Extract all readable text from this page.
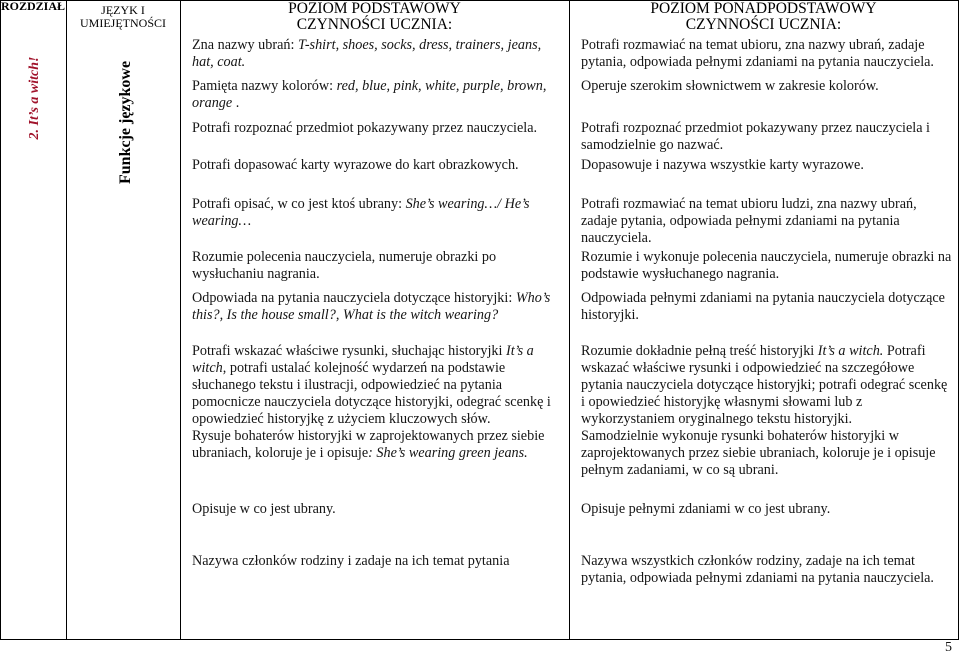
ROZDZIAŁ	JĘZYK I
UMIEJĘTNOŚCI
POZIOM PODSTAWOWY
CZYNNOŚCI UCZNIA:
POZIOM PONADPODSTAWOWY
CZYNNOŚCI UCZNIA:
2. It’s a witch!	Funkcje językowe
Zna nazwy ubrań: T-shirt, shoes, socks, dress, trainers, jeans, hat, coat.
Pamięta nazwy kolorów: red, blue, pink, white, purple, brown, orange .
Potrafi rozpoznać przedmiot pokazywany przez nauczyciela.
Potrafi dopasować karty wyrazowe do kart obrazkowych.
Potrafi opisać, w co jest ktoś ubrany: She’s wearing…/ He’s wearing…
Rozumie polecenia nauczyciela, numeruje obrazki po wysłuchaniu nagrania.
Odpowiada na pytania nauczyciela dotyczące historyjki: Who’s this?, Is the house small?, What is the witch wearing?
Potrafi wskazać właściwe rysunki, słuchając historyjki It’s a witch, potrafi ustalać kolejność wydarzeń na podstawie słuchanego tekstu i ilustracji, odpowiedzieć na pytania pomocnicze nauczyciela dotyczące historyjki, odegrać scenkę i opowiedzieć historyjkę z użyciem kluczowych słów.
Rysuje bohaterów historyjki w zaprojektowanych przez siebie ubraniach, koloruje je i opisuje: She’s wearing green jeans.
Opisuje w co jest ubrany.
Nazywa członków rodziny i zadaje na ich temat pytania
Potrafi rozmawiać na temat ubioru, zna nazwy ubrań, zadaje pytania, odpowiada pełnymi zdaniami na pytania nauczyciela.
Operuje szerokim słownictwem w zakresie kolorów.
Potrafi rozpoznać przedmiot pokazywany przez nauczyciela i samodzielnie go nazwać.
Dopasowuje i nazywa wszystkie karty wyrazowe.
Potrafi rozmawiać na temat ubioru ludzi, zna nazwy ubrań, zadaje pytania, odpowiada pełnymi zdaniami na pytania nauczyciela.
Rozumie i wykonuje polecenia nauczyciela, numeruje obrazki na podstawie wysłuchanego nagrania.
Odpowiada pełnymi zdaniami na pytania nauczyciela dotyczące historyjki.
Rozumie dokładnie pełną treść historyjki It’s a witch. Potrafi wskazać właściwe rysunki i odpowiedzieć na szczegółowe pytania nauczyciela dotyczące historyjki; potrafi odegrać scenkę i opowiedzieć historyjkę własnymi słowami lub z wykorzystaniem oryginalnego tekstu historyjki.
Samodzielnie wykonuje rysunki bohaterów historyjki w zaprojektowanych przez siebie ubraniach, koloruje je i opisuje pełnym zadaniami, w co są ubrani.
Opisuje pełnymi zdaniami w co jest ubrany.
Nazywa wszystkich członków rodziny, zadaje na ich temat pytania, odpowiada pełnymi zdaniami na pytania nauczyciela.
5
